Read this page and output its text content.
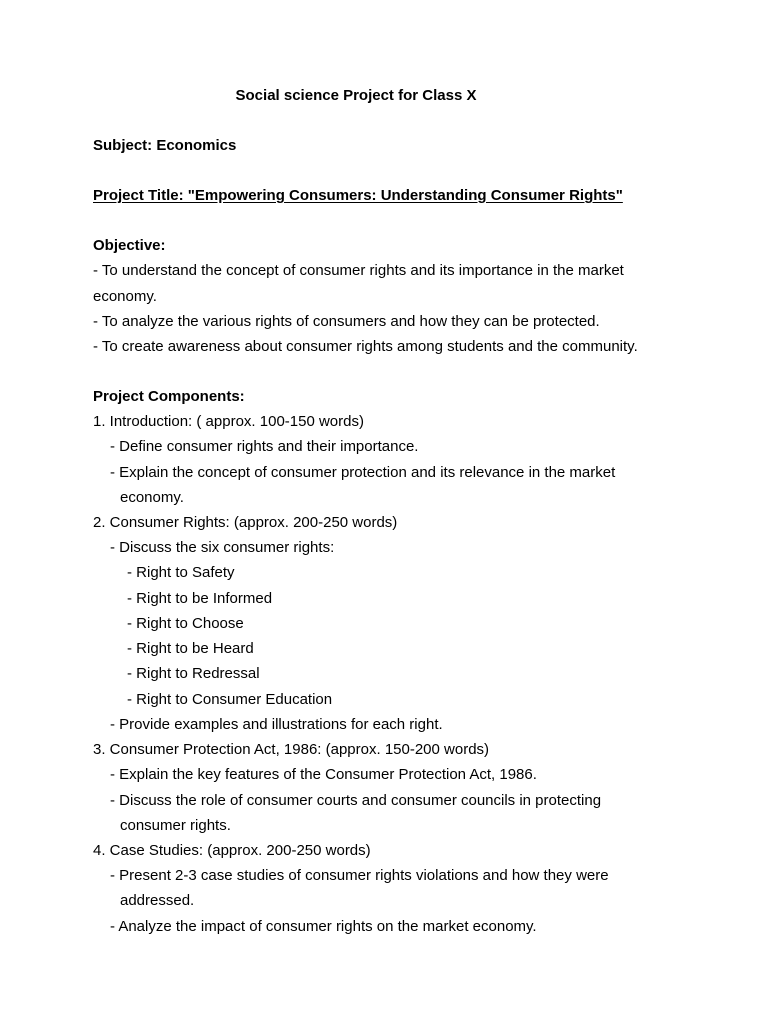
Social science Project for Class X
Subject: Economics
Project Title: "Empowering Consumers: Understanding Consumer Rights"
Objective:
- To understand the concept of consumer rights and its importance in the market
economy.
- To analyze the various rights of consumers and how they can be protected.
- To create awareness about consumer rights among students and the community.
Project Components:
1. Introduction: ( approx. 100-150 words)
- Define consumer rights and their importance.
- Explain the concept of consumer protection and its relevance in the market
economy.
2. Consumer Rights: (approx. 200-250 words)
- Discuss the six consumer rights:
- Right to Safety
- Right to be Informed
- Right to Choose
- Right to be Heard
- Right to Redressal
- Right to Consumer Education
- Provide examples and illustrations for each right.
3. Consumer Protection Act, 1986: (approx. 150-200 words)
- Explain the key features of the Consumer Protection Act, 1986.
- Discuss the role of consumer courts and consumer councils in protecting
consumer rights.
4. Case Studies: (approx. 200-250 words)
- Present 2-3 case studies of consumer rights violations and how they were
addressed.
- Analyze the impact of consumer rights on the market economy.
